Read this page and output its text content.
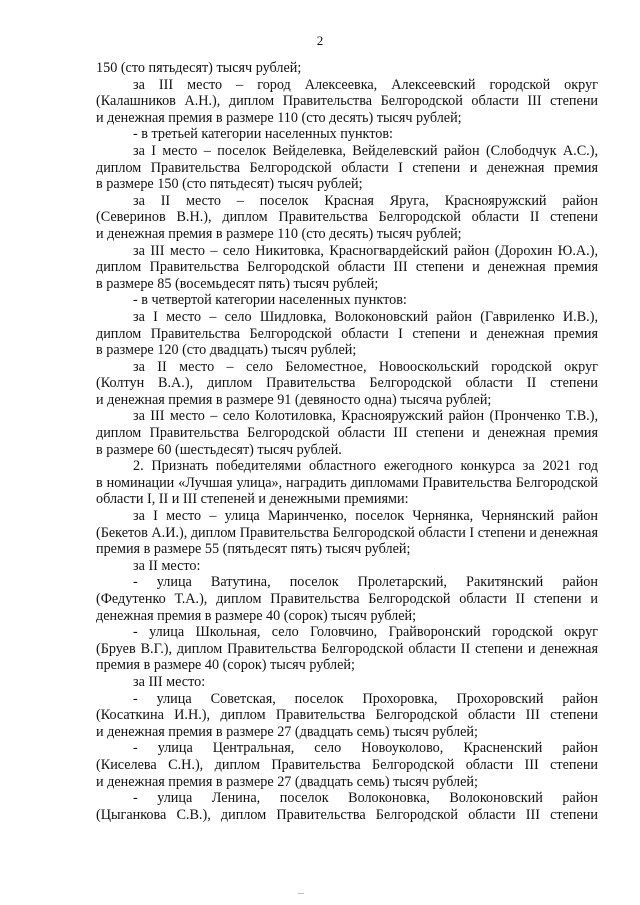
2
150 (сто пятьдесят) тысяч рублей;
за III место – город Алексеевка, Алексеевский городской округ
(Калашников А.Н.), диплом Правительства Белгородской области III степени
и денежная премия в размере 110 (сто десять) тысяч рублей;
- в третьей категории населенных пунктов:
за I место – поселок Вейделевка, Вейделевский район (Слободчук А.С.),
диплом Правительства Белгородской области I степени и денежная премия
в размере 150 (сто пятьдесят) тысяч рублей;
за II место – поселок Красная Яруга, Краснояружский район
(Северинов В.Н.), диплом Правительства Белгородской области II степени
и денежная премия в размере 110 (сто десять) тысяч рублей;
за III место – село Никитовка, Красногвардейский район (Дорохин Ю.А.),
диплом Правительства Белгородской области III степени и денежная премия
в размере 85 (восемьдесят пять) тысяч рублей;
- в четвертой категории населенных пунктов:
за I место – село Шидловка, Волоконовский район (Гавриленко И.В.),
диплом Правительства Белгородской области I степени и денежная премия
в размере 120 (сто двадцать) тысяч рублей;
за II место – село Беломестное, Новооскольский городской округ
(Колтун В.А.), диплом Правительства Белгородской области II степени
и денежная премия в размере 91 (девяносто одна) тысяча рублей;
за III место – село Колотиловка, Краснояружский район (Пронченко Т.В.),
диплом Правительства Белгородской области III степени и денежная премия
в размере 60 (шестьдесят) тысяч рублей.
2. Признать победителями областного ежегодного конкурса за 2021 год
в номинации «Лучшая улица», наградить дипломами Правительства Белгородской
области I, II и III степеней и денежными премиями:
за I место – улица Маринченко, поселок Чернянка, Чернянский район
(Бекетов А.И.), диплом Правительства Белгородской области I степени и денежная
премия в размере 55 (пятьдесят пять) тысяч рублей;
за II место:
- улица Ватутина, поселок Пролетарский, Ракитянский район
(Федутенко Т.А.), диплом Правительства Белгородской области II степени и
денежная премия в размере 40 (сорок) тысяч рублей;
- улица Школьная, село Головчино, Грайворонский городской округ
(Бруев В.Г.), диплом Правительства Белгородской области II степени и денежная
премия в размере 40 (сорок) тысяч рублей;
за III место:
- улица Советская, поселок Прохоровка, Прохоровский район
(Косаткина И.Н.), диплом Правительства Белгородской области III степени
и денежная премия в размере 27 (двадцать семь) тысяч рублей;
- улица Центральная, село Новоуколово, Красненский район
(Киселева С.Н.), диплом Правительства Белгородской области III степени
и денежная премия в размере 27 (двадцать семь) тысяч рублей;
- улица Ленина, поселок Волоконовка, Волоконовский район
(Цыганкова С.В.), диплом Правительства Белгородской области III степени
